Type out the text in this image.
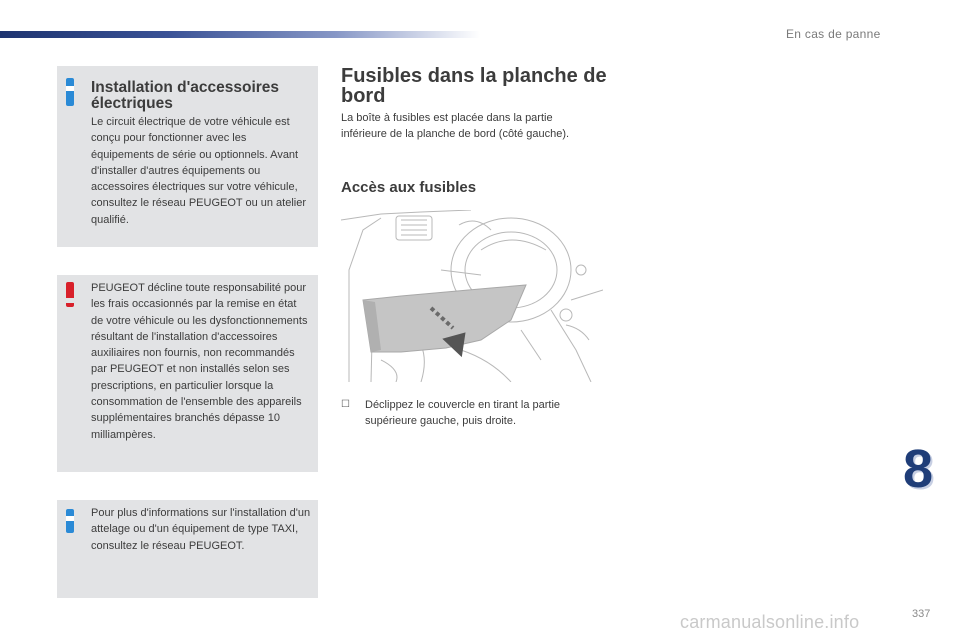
En cas de panne
Installation d'accessoires électriques

Le circuit électrique de votre véhicule est conçu pour fonctionner avec les équipements de série ou optionnels. Avant d'installer d'autres équipements ou accessoires électriques sur votre véhicule, consultez le réseau PEUGEOT ou un atelier qualifié.

PEUGEOT décline toute responsabilité pour les frais occasionnés par la remise en état de votre véhicule ou les dysfonctionnements résultant de l'installation d'accessoires auxiliaires non fournis, non recommandés par PEUGEOT et non installés selon ses prescriptions, en particulier lorsque la consommation de l'ensemble des appareils supplémentaires branchés dépasse 10 milliampères.

Pour plus d'informations sur l'installation d'un attelage ou d'un équipement de type TAXI, consultez le réseau PEUGEOT.

Fusibles dans la planche de bord

La boîte à fusibles est placée dans la partie inférieure de la planche de bord (côté gauche).

Accès aux fusibles
☐ Déclippez le couvercle en tirant la partie supérieure gauche, puis droite.
8
carmanualsonline.info	337
